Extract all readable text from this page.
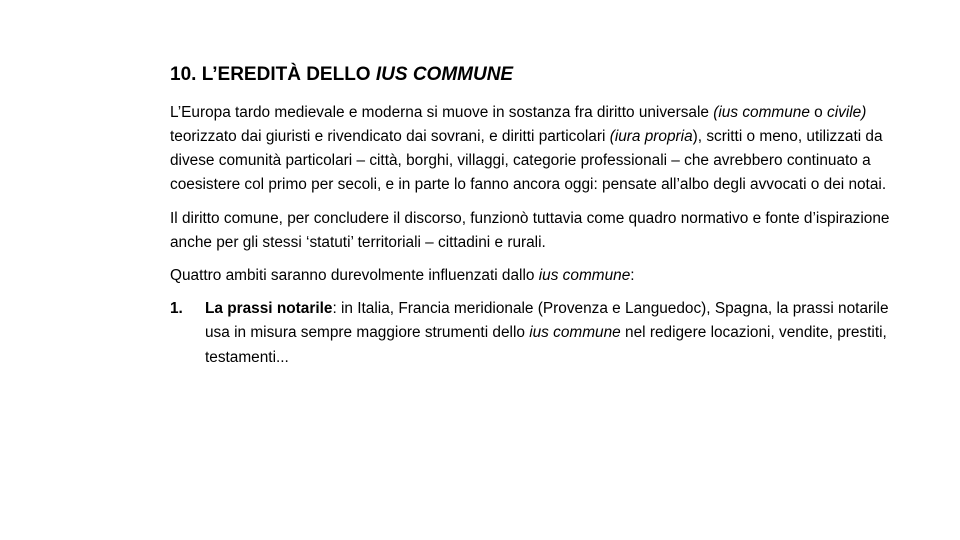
10. L’EREDITÀ DELLO IUS COMMUNE

L’Europa tardo medievale e moderna si muove in sostanza fra diritto universale (ius commune o civile) teorizzato dai giuristi e rivendicato dai sovrani, e diritti particolari (iura propria), scritti o meno, utilizzati da divese comunità particolari – città, borghi, villaggi, categorie professionali – che avrebbero continuato a coesistere col primo per secoli, e in parte lo fanno ancora oggi: pensate all’albo degli avvocati o dei notai.

Il diritto comune, per concludere il discorso, funzionò tuttavia come quadro normativo e fonte d’ispirazione anche per gli stessi ‘statuti’ territoriali – cittadini e rurali.

Quattro ambiti saranno durevolmente influenzati dallo ius commune:

1.	La prassi notarile: in Italia, Francia meridionale (Provenza e Languedoc), Spagna, la prassi notarile usa in misura sempre maggiore strumenti dello ius commune nel redigere locazioni, vendite, prestiti, testamenti...
